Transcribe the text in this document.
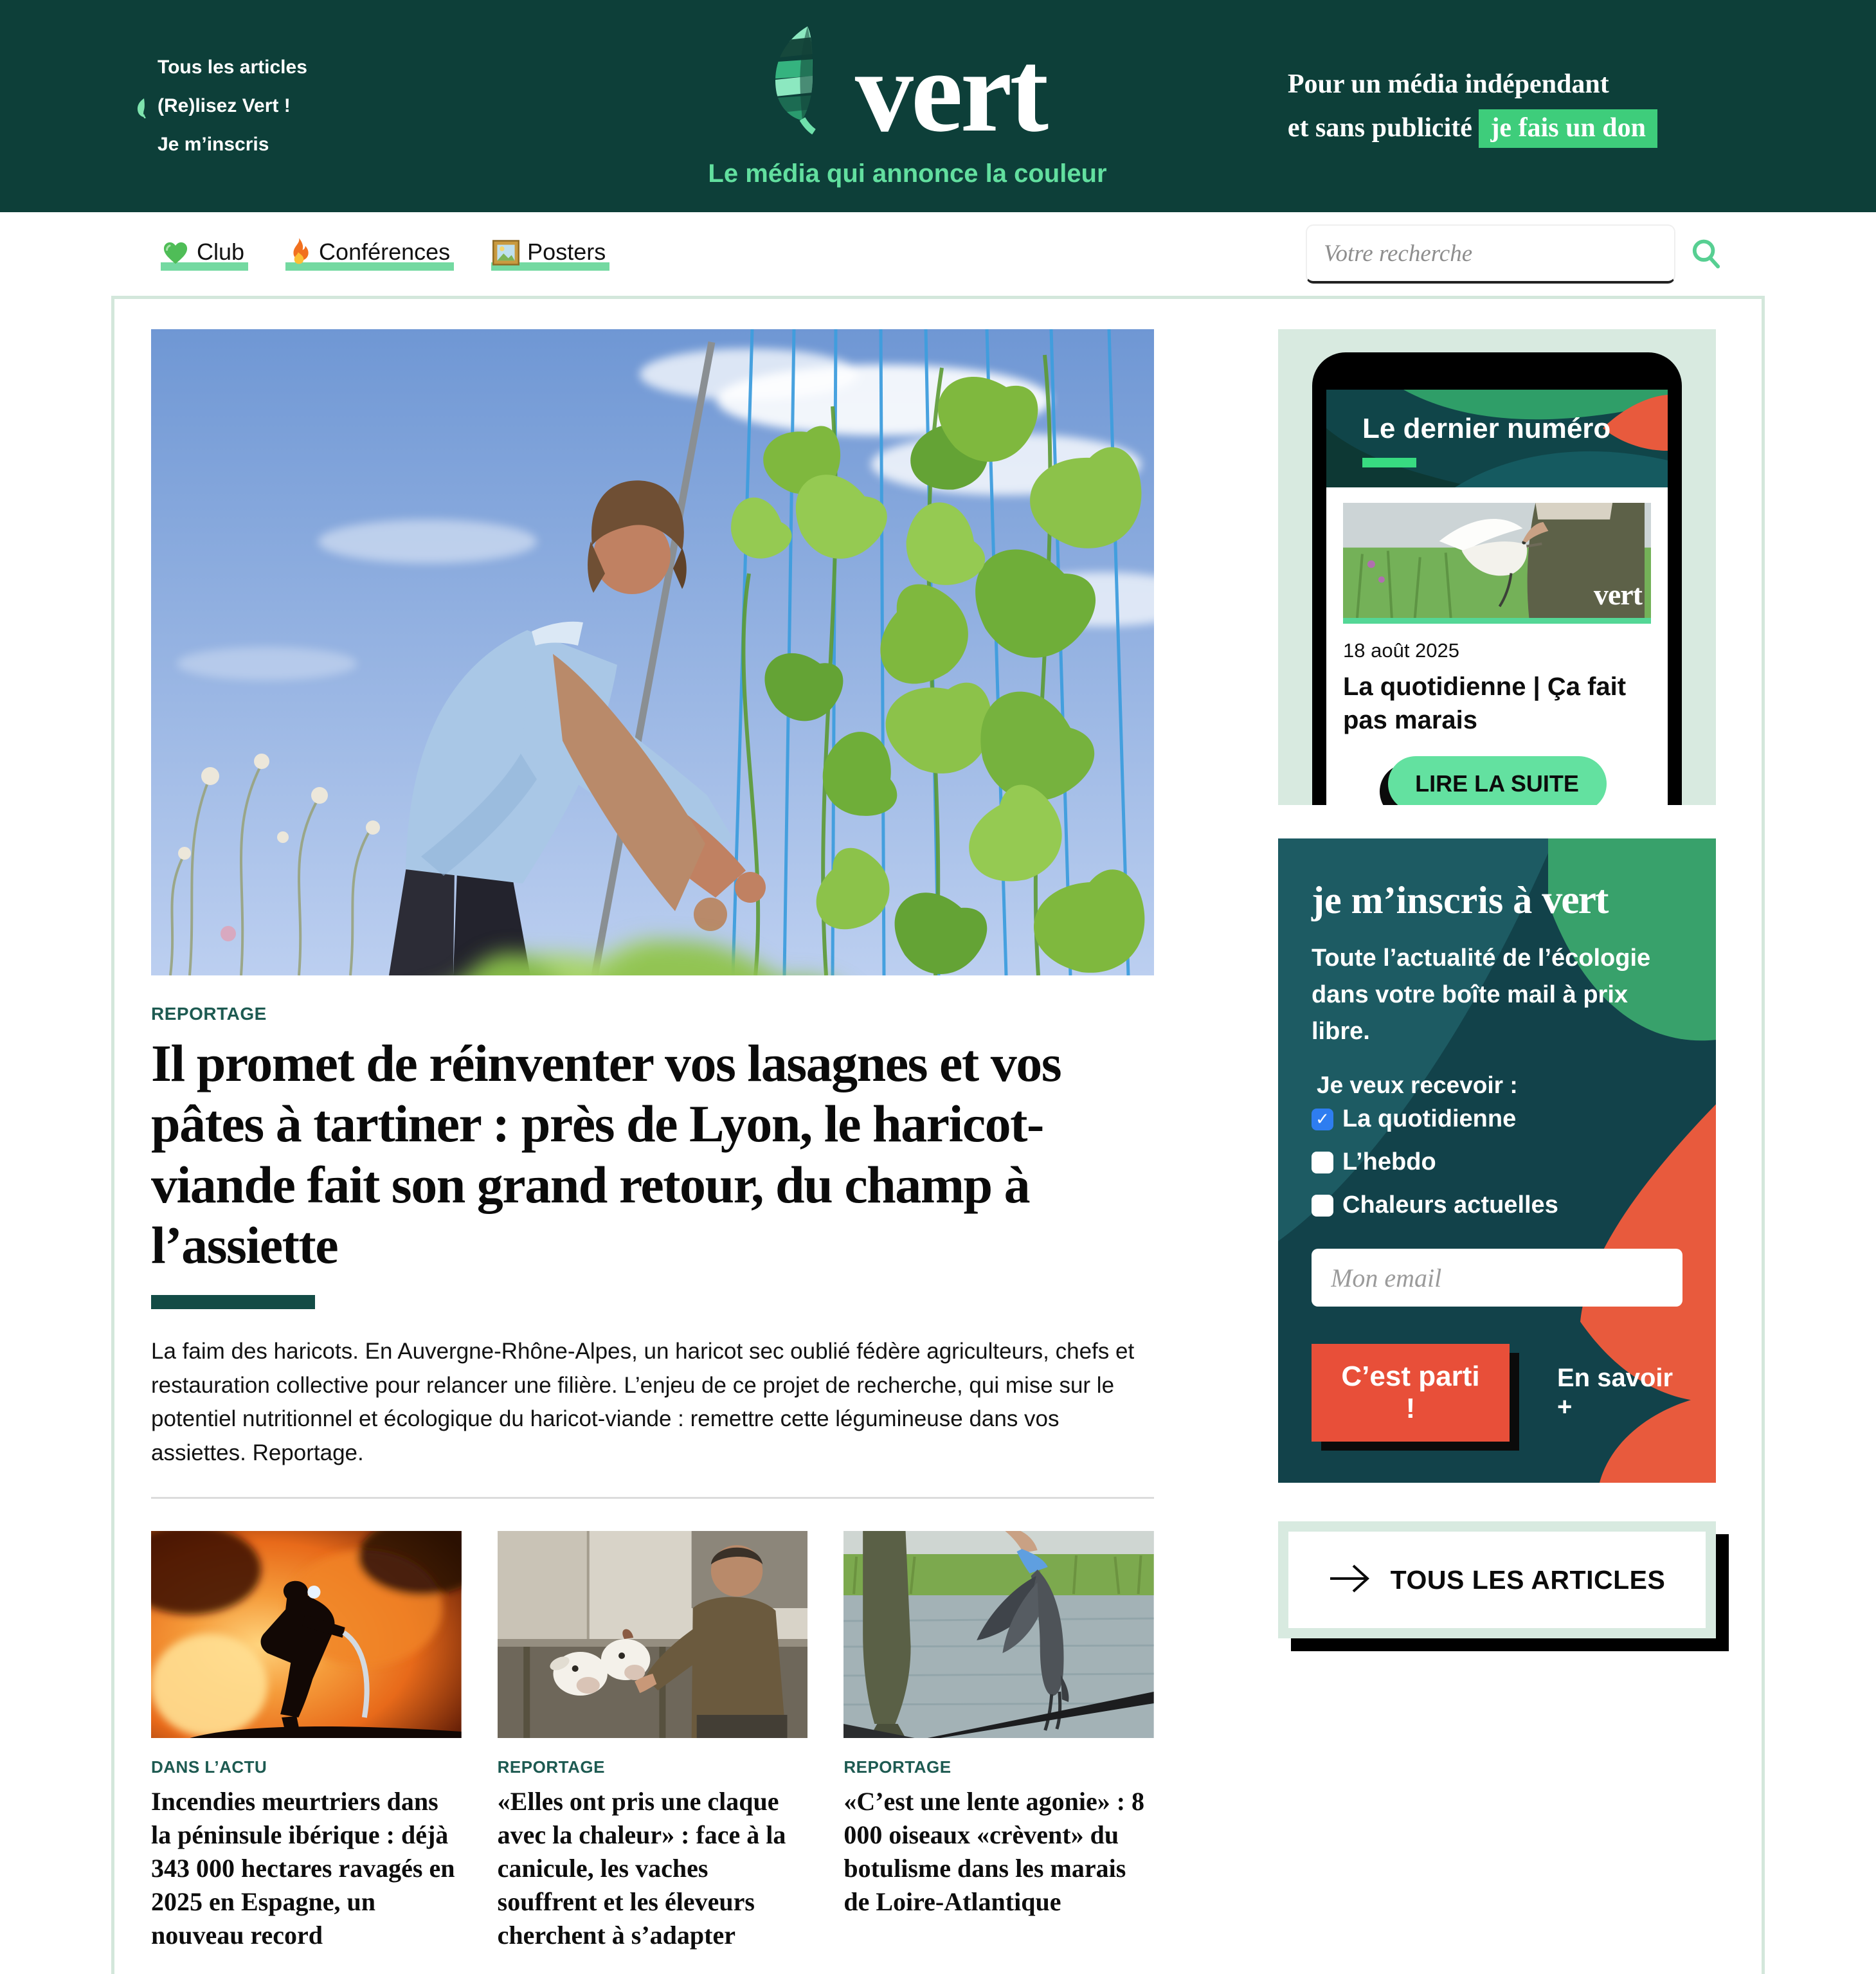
Tous les articles
(Re)lisez Vert !
Je m’inscris	vert
Le média qui annonce la couleur
Pour un média indépendant
et sans publicité je fais un don
Club	Conférences	Posters
Votre recherche
REPORTAGE
Il promet de réinventer vos lasagnes et vos pâtes à tartiner : près de Lyon, le haricot-viande fait son grand retour, du champ à l’assiette

La faim des haricots. En Auvergne-Rhône-Alpes, un haricot sec oublié fédère agriculteurs, chefs et restauration collective pour relancer une filière. L’enjeu de ce projet de recherche, qui mise sur le potentiel nutritionnel et écologique du haricot-viande : remettre cette légumineuse dans vos assiettes. Reportage.

DANS L’ACTU
Incendies meurtriers dans la péninsule ibérique : déjà 343 000 hectares ravagés en 2025 en Espagne, un nouveau record
REPORTAGE
«Elles ont pris une claque avec la chaleur» : face à la canicule, les vaches souffrent et les éleveurs cherchent à s’adapter
REPORTAGE
«C’est une lente agonie» : 8 000 oiseaux «crèvent» du botulisme dans les marais de Loire-Atlantique
Le dernier numéro
vert
18 août 2025
La quotidienne | Ça fait pas marais
LIRE LA SUITE
je m’inscris à vert

Toute l’actualité de l’écologie dans votre boîte mail à prix libre.

Je veux recevoir :
✓ La quotidienne
L’hebdo
Chaleurs actuelles
Mon email
C’est parti !
En savoir +
TOUS LES ARTICLES
